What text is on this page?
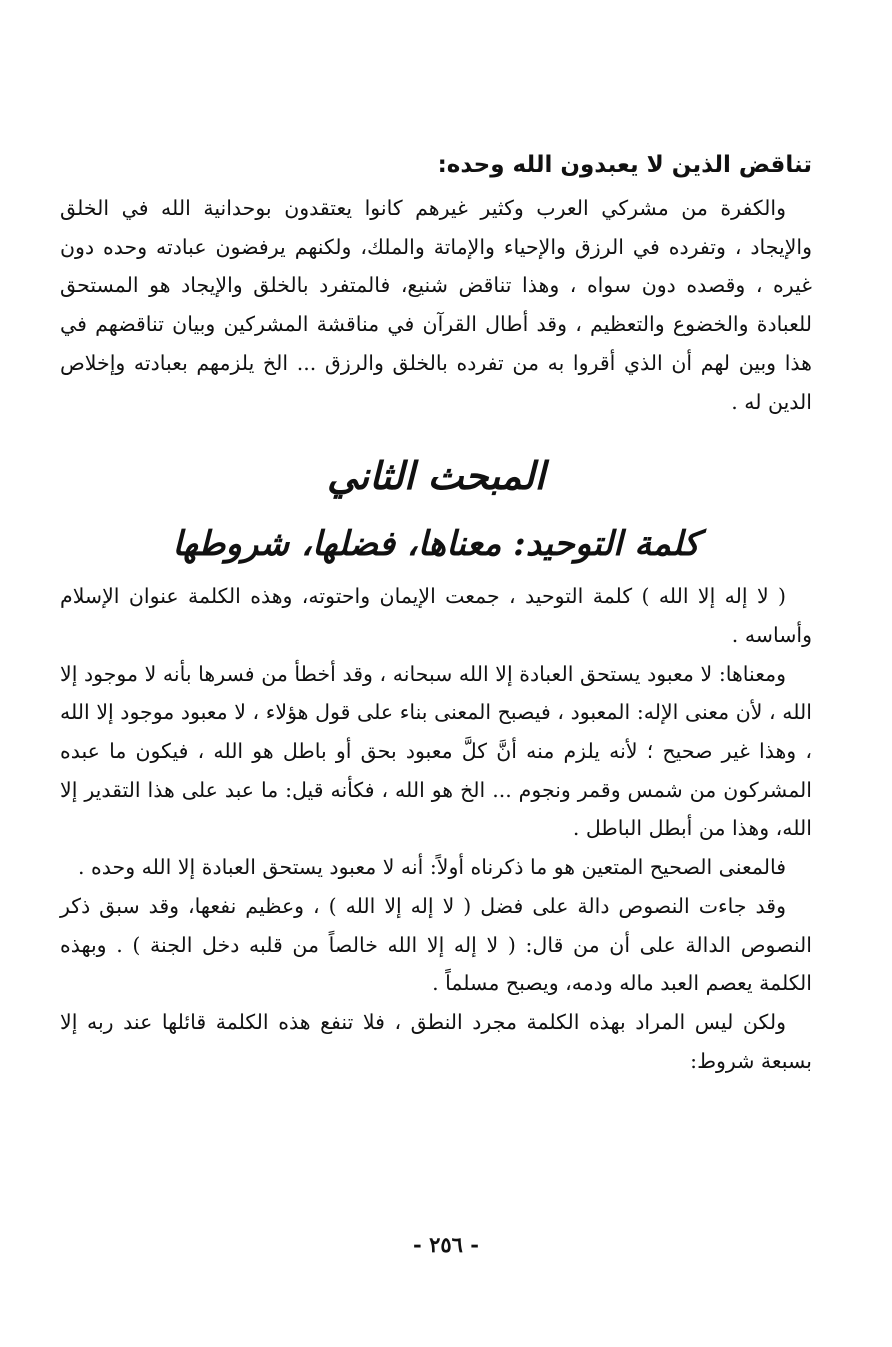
تناقض الذين لا يعبدون الله وحده:

والكفرة من مشركي العرب وكثير غيرهم كانوا يعتقدون بوحدانية الله في الخلق والإيجاد ، وتفرده في الرزق والإحياء والإماتة والملك، ولكنهم يرفضون عبادته وحده دون غيره ، وقصده دون سواه ، وهذا تناقض شنيع، فالمتفرد بالخلق والإيجاد هو المستحق للعبادة والخضوع والتعظيم ، وقد أطال القرآن في مناقشة المشركين وبيان تناقضهم في هذا وبين لهم أن الذي أقروا به من تفرده بالخلق والرزق ... الخ يلزمهم بعبادته وإخلاص الدين له .

المبحث الثاني
كلمة التوحيد: معناها، فضلها، شروطها

( لا إله إلا الله ) كلمة التوحيد ، جمعت الإيمان واحتوته، وهذه الكلمة عنوان الإسلام وأساسه .

ومعناها: لا معبود يستحق العبادة إلا الله سبحانه ، وقد أخطأ من فسرها بأنه لا موجود إلا الله ، لأن معنى الإله: المعبود ، فيصبح المعنى بناء على قول هؤلاء ، لا معبود موجود إلا الله ، وهذا غير صحيح ؛ لأنه يلزم منه أنَّ كلَّ معبود بحق أو باطل هو الله ، فيكون ما عبده المشركون من شمس وقمر ونجوم ... الخ هو الله ، فكأنه قيل: ما عبد على هذا التقدير إلا الله، وهذا من أبطل الباطل .

فالمعنى الصحيح المتعين هو ما ذكرناه أولاً: أنه لا معبود يستحق العبادة إلا الله وحده .

وقد جاءت النصوص دالة على فضل ( لا إله إلا الله ) ، وعظيم نفعها، وقد سبق ذكر النصوص الدالة على أن من قال: ( لا إله إلا الله خالصاً من قلبه دخل الجنة ) . وبهذه الكلمة يعصم العبد ماله ودمه، ويصبح مسلماً .

ولكن ليس المراد بهذه الكلمة مجرد النطق ، فلا تنفع هذه الكلمة قائلها عند ربه إلا بسبعة شروط:

- ٢٥٦ -
